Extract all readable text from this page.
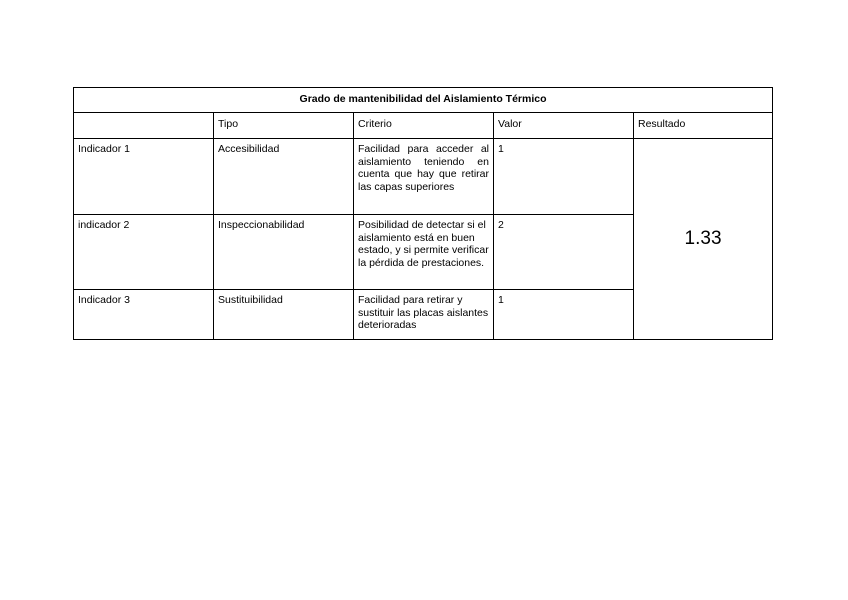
Grado de mantenibilidad del Aislamiento Térmico				
	Tipo	Criterio	Valor	Resultado
Indicador 1	Accesibilidad	Facilidad para acceder al aislamiento teniendo en cuenta que hay que retirar las capas superiores	1	1.33
indicador 2	Inspeccionabilidad	Posibilidad de detectar si el aislamiento está en buen estado, y si permite verificar la pérdida de prestaciones.	2	
Indicador 3	Sustituibilidad	Facilidad para retirar y sustituir las placas aislantes deterioradas	1	
